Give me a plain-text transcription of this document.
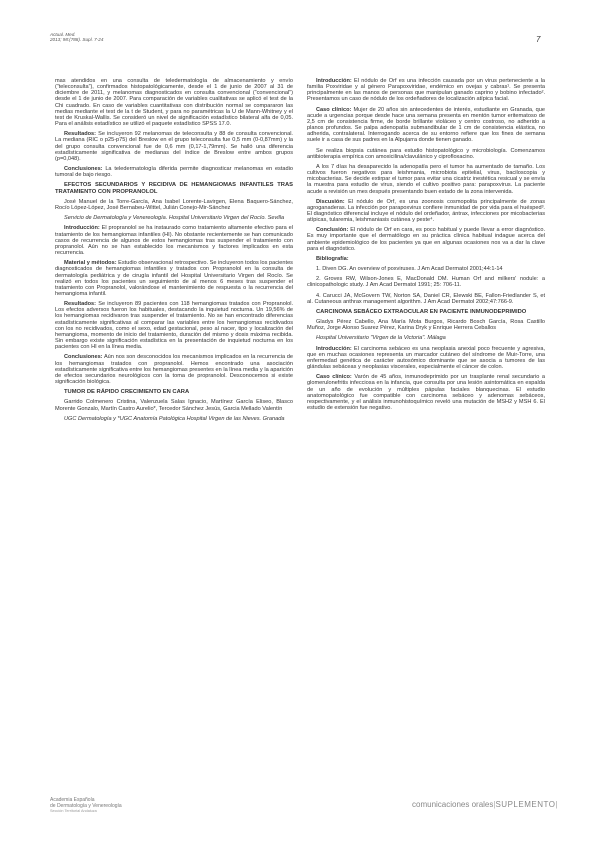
Actual. Med.
2013; 98:(788). Supl. 7-24	7

mas atendidos en una consulta de teledermatología de almacenamiento y envío (“teleconsulta”), confirmados histopatológicamente, desde el 1 de junio de 2007 al 31 de diciembre de 2011, y melanomas diagnosticados en consulta convencional (“convencional”) desde el 1 de junio de 2007. Para comparación de variables cualitativas se aplicó el test de la Chi cuadrado. En caso de variables cuantitativas con distribución normal se compararon las medias mediante el test de la t de Student, y para no paramétricas la U de Mann-Whitney y el test de Kruskal-Wallis. Se consideró un nivel de significación estadístico bilateral alfa de 0,05. Para el análisis estadístico se utilizó el paquete estadístico SPSS 17.0.

Resultados: Se incluyeron 92 melanomas de teleconsulta y 88 de consulta convencional. La mediana (RIC o p25-p75) del Breslow en el grupo teleconsulta fue 0,5 mm (0-0,87mm) y la del grupo consulta convencional fue de 0,6 mm (0,17-1,79mm). Se halló una diferencia estadísticamente significativa de medianas del índice de Breslow entre ambos grupos (p=0,048).

Conclusiones: La teledermatología diferida permite diagnosticar melanomas en estadio tumoral de bajo riesgo.

EFECTOS SECUNDARIOS Y RECIDIVA DE HEMANGIOMAS INFANTILES TRAS TRATAMIENTO CON PROPRANOLOL

José Manuel de la Torre-García, Ana Isabel Lorente-Lavirgen, Elena Baquero-Sánchez, Rocío López-López, José Bernabeu-Wittel, Julián Conejo-Mir-Sánchez

Servicio de Dermatología y Venereología. Hospital Universitario Virgen del Rocío. Sevilla

Introducción: El propranolol se ha instaurado como tratamiento altamente efectivo para el tratamiento de los hemangiomas infantiles (HI). No obstante recientemente se han comunicado casos de recurrencia de algunos de estos hemangiomas tras suspender el tratamiento con propranolol. Aún no se han establecido los mecanismos y factores implicados en esta recurrencia.

Material y métodos: Estudio observacional retrospectivo. Se incluyeron todos los pacientes diagnosticados de hemangiomas infantiles y tratados con Propranolol en la consulta de dermatología pediátrica y de cirugía infantil del Hospital Universitario Virgen del Rocío. Se realizó en todos los pacientes un seguimiento de al menos 6 meses tras suspender el tratamiento con Propranolol, valorándose el mantenimiento de respuesta o la recurrencia del hemangioma infantil.

Resultados: Se incluyeron 89 pacientes con 118 hemangiomas tratados con Propranolol. Los efectos adversos fueron los habituales, destacando la inquietud nocturna. Un 19,56% de los hemangiomas recidivaron tras suspender el tratamiento. No se han encontrado diferencias estadísticamente significativas al comparar las variables entre los hemangiomas recidivados con los no recidivados, como el sexo, edad gestacional, peso al nacer, tipo y localización del hemangioma, momento de inicio del tratamiento, duración del mismo y dosis máxima recibida. Sin embargo existe significación estadística en la presentación de inquietud nocturna en los pacientes con HI en la línea media.

Conclusiones: Aún nos son desconocidos los mecanismos implicados en la recurrencia de los hemangiomas tratados con propranolol. Hemos encontrado una asociación estadísticamente significativa entre los hemangiomas presentes en la línea media y la aparición de efectos secundarios neurológicos con la toma de propranolol. Desconocemos si existe significación biológica.

TUMOR DE RÁPIDO CRECIMIENTO EN CARA

Garrido Colmenero Cristina, Valenzuela Salas Ignacio, Martínez García Eliseo, Blasco Morente Gonzalo, Martín Castro Aurelio*, Tercedor Sánchez Jesús, Garcia Mellado Valentín

UGC Dermatología y *UGC Anatomía Patológica Hospital Virgen de las Nieves. Granada

Introducción: El nódulo de Orf es una infección causada por un virus perteneciente a la familia Poxviridae y al género Parapoxviridae, endémico en ovejas y cabras¹. Se presenta principalmente en las manos de personas que manipulan ganado caprino y bobino infectado². Presentamos un caso de nódulo de los ordeñadores de localización atípica facial.

Caso clínico: Mujer de 20 años sin antecedentes de interés, estudiante en Granada, que acude a urgencias porque desde hace una semana presenta en mentón tumor eritematoso de 2,5 cm de consistencia firme, de borde brillante violáceo y centro costroso, no adherido a planos profundos. Se palpa adenopatía submandibular de 1 cm de consistencia elástica, no adherida, contralateral. Interrogando acerca de su entorno refiere que los fines de semana suele ir a casa de sus padres en la Alpujarra donde tienen ganado.

Se realiza biopsia cutánea para estudio histopatológico y microbiología. Comenzamos antibioterapia empírica con amoxicilina/clavulánico y ciprofloxacino.

A los 7 días ha desaparecido la adenopatía pero el tumor ha aumentado de tamaño. Los cultivos fueron negativos para leishmania, microbiota epitelial, virus, baciloscopia y micobacterias. Se decide extirpar el tumor para evitar una cicatriz inestética resicual y se envía la muestra para estudio de virus, siendo el cultivo positivo para: parapoxvirus. La paciente acude a revisión un mes después presentando buen estado de la zona intervenida.

Discusión: El nódulo de Orf, es una zoonosis cosmopolita principalmente de zonas agroganaderas. La infección por parapoxvirus confiere inmunidad de por vida para el huésped³. El diagnóstico diferencial incluye el nódulo del ordeñador, ántrax, infecciones por micobacterias atípicas, tularemia, leishmaniasis cutánea y peste⁴.

Conclusión: El nódulo de Orf en cara, es poco habitual y puede llevar a error diagnóstico. Es muy importante que el dermatólogo en su práctica clínica habitual indague acerca del ambiente epidemiológico de los pacientes ya que en algunas ocasiones nos va a dar la clave para el diagnóstico.

Bibliografía:

1. Diven DG. An overview of poxviruses. J Am Acad Dermatol 2001;44:1-14

2. Groves RW, Wilson-Jones E, MacDonald DM. Human Orf and milkers' nodule: a clinicopathologic study. J Am Acad Dermatol 1991; 25: 706-11.

4. Carucci JA, McGovern TW, Norton SA, Daniel CR, Elewski BE, Fallon-Friedlander S, et al. Cutaneous anthrax management algorithm. J Am Acad Dermatol 2002;47:766-9.

CARCINOMA SEBÁCEO EXTRAOCULAR EN PACIENTE INMUNODEPRIMIDO

Gladys Pérez Cabello, Ana María Mota Burgos, Ricardo Bosch García, Rosa Castillo Muñoz, Jorge Alonso Suarez Pérez, Karina Dryk y Enrique Herrera Ceballos

Hospital Universitario "Virgen de la Victoria". Málaga

Introducción: El carcinoma sebáceo es una neoplasia anexial poco frecuente y agresiva, que en muchas ocasiones representa un marcador cutáneo del síndrome de Muir-Torre, una enfermedad genética de carácter autosómico dominante que se asocia a tumores de las glándulas sebáceas y neoplasias viscerales, especialmente el cáncer de colon.

Caso clínico: Varón de 45 años, inmunodeprimido por un trasplante renal secundario a glomerulonefritis infecciosa en la infancia, que consulta por una lesión asintomática en espalda de un año de evolución y múltiples pápulas faciales blanquecinas. El estudio anatomopatológico fue compatible con carcinoma sebáceo y adenomas sebáceos, respectivamente, y el análisis inmunohistoquímico reveló una mutación de MSH2 y MSH 6. El estudio de extensión fue negativo.

Academia Española
de Dermatología y Venereología
Sección Territorial Andaluza
comunicaciones orales|SUPLEMENTO|
